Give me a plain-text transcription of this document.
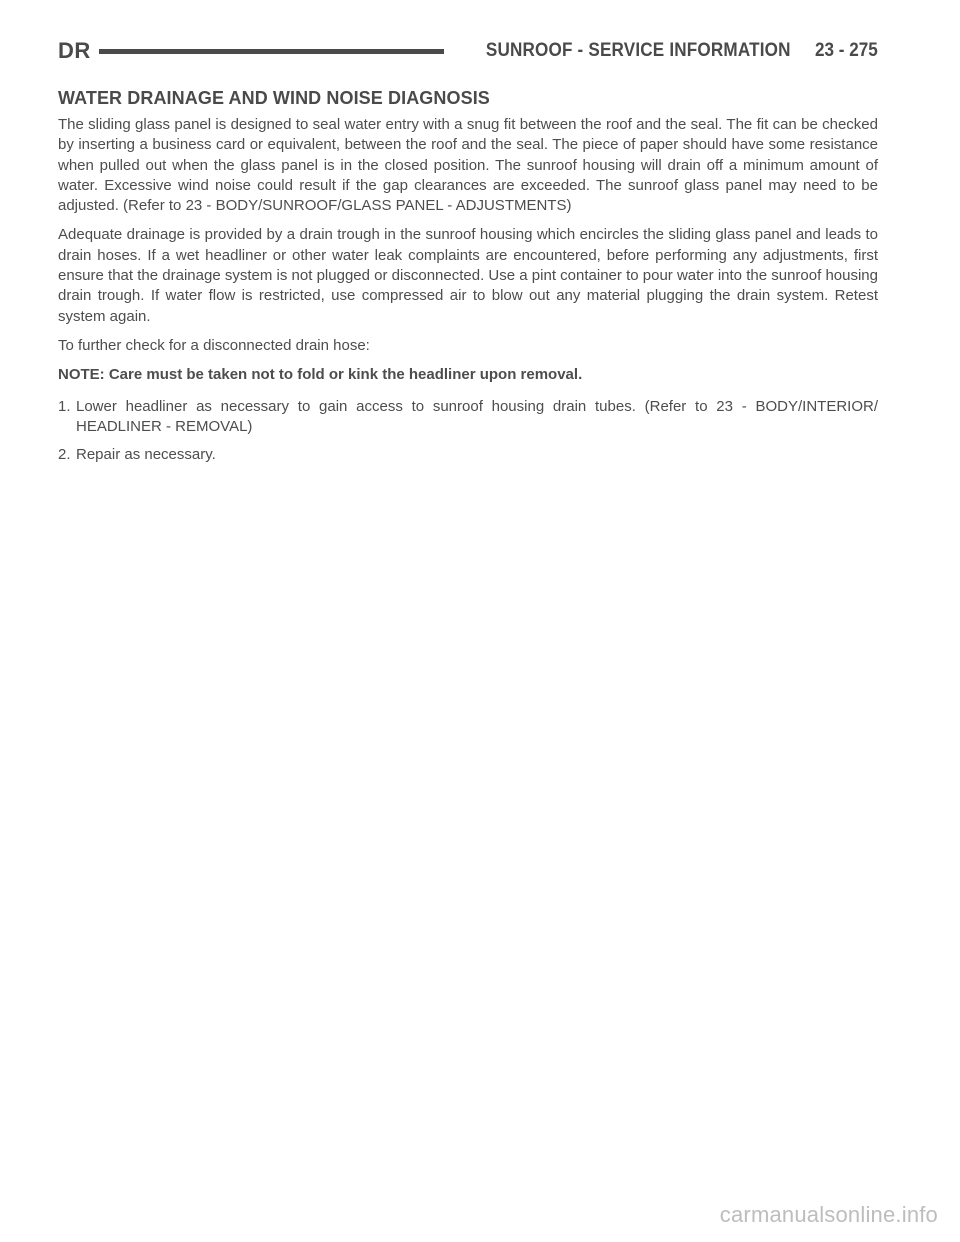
DR	SUNROOF - SERVICE INFORMATION 23 - 275
WATER DRAINAGE AND WIND NOISE DIAGNOSIS

The sliding glass panel is designed to seal water entry with a snug fit between the roof and the seal. The fit can be checked by inserting a business card or equivalent, between the roof and the seal. The piece of paper should have some resistance when pulled out when the glass panel is in the closed position. The sunroof housing will drain off a minimum amount of water. Excessive wind noise could result if the gap clearances are exceeded. The sunroof glass panel may need to be adjusted. (Refer to 23 - BODY/SUNROOF/GLASS PANEL - ADJUSTMENTS)

Adequate drainage is provided by a drain trough in the sunroof housing which encircles the sliding glass panel and leads to drain hoses. If a wet headliner or other water leak complaints are encountered, before performing any adjustments, first ensure that the drainage system is not plugged or disconnected. Use a pint container to pour water into the sunroof housing drain trough. If water flow is restricted, use compressed air to blow out any material plugging the drain system. Retest system again.

To further check for a disconnected drain hose:

NOTE: Care must be taken not to fold or kink the headliner upon removal.

1. Lower headliner as necessary to gain access to sunroof housing drain tubes. (Refer to 23 - BODY/INTERIOR/ HEADLINER - REMOVAL)
2. Repair as necessary.
carmanualsonline.info
